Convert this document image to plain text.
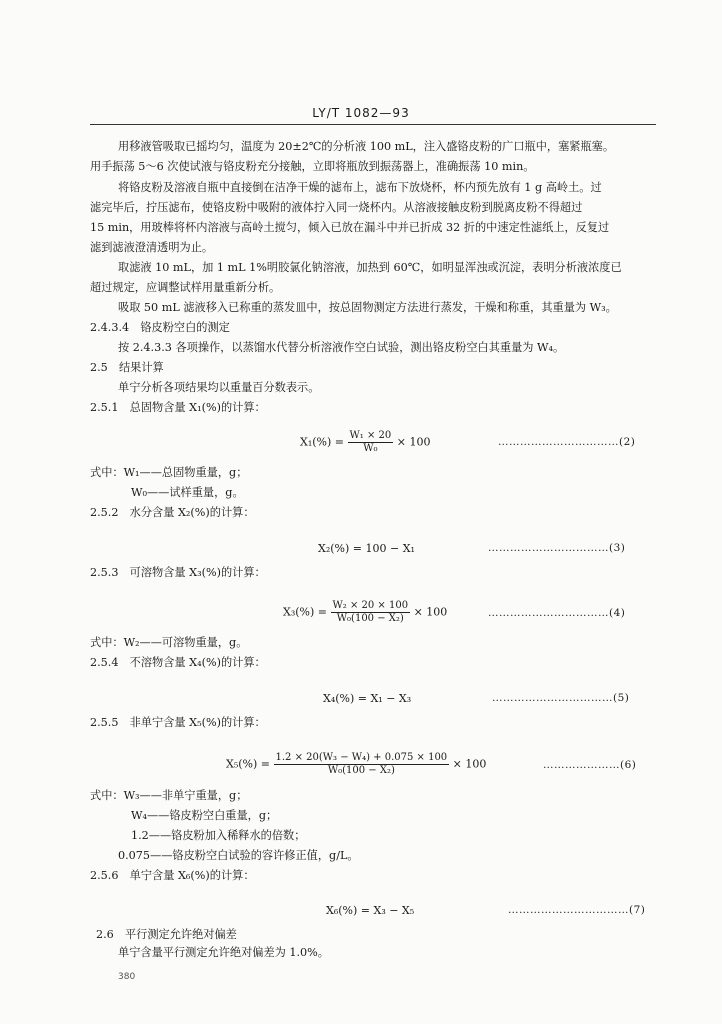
LY/T 1082—93
用移液管吸取已摇均匀，温度为 20±2℃的分析液 100 mL，注入盛铬皮粉的广口瓶中，塞紧瓶塞。
用手振荡 5～6 次使试液与铬皮粉充分接触，立即将瓶放到振荡器上，准确振荡 10 min。
将铬皮粉及溶液自瓶中直接倒在洁净干燥的滤布上，滤布下放烧杯，杯内预先放有 1 g 高岭土。过
滤完毕后，拧压滤布，使铬皮粉中吸附的液体拧入同一烧杯内。从溶液接触皮粉到脱离皮粉不得超过
15 min，用玻棒将杯内溶液与高岭土搅匀，倾入已放在漏斗中并已折成 32 折的中速定性滤纸上，反复过
滤到滤液澄清透明为止。
取滤液 10 mL，加 1 mL 1%明胶氯化钠溶液，加热到 60℃，如明显浑浊或沉淀，表明分析液浓度已
超过规定，应调整试样用量重新分析。
吸取 50 mL 滤液移入已称重的蒸发皿中，按总固物测定方法进行蒸发，干燥和称重，其重量为 W₃。
2.4.3.4　铬皮粉空白的测定
按 2.4.3.3 各项操作，以蒸馏水代替分析溶液作空白试验，测出铬皮粉空白其重量为 W₄。
2.5　结果计算
单宁分析各项结果均以重量百分数表示。
2.5.1　总固物含量 X₁(%)的计算：
$X_1(\%) = \frac{\text{W₁ × 20}}{\text{W₀}} \times 100$	……………………………(2)
式中：W₁——总固物重量，g；
W₀——试样重量，g。
2.5.2　水分含量 X₂(%)的计算：
X₂(%) = 100 − X₁	……………………………(3)
2.5.3　可溶物含量 X₃(%)的计算：
$X_3(\%) = \frac{\text{W₂ × 20 × 100}}{\text{W₀(100 − X₂)}} \times 100$	……………………………(4)
式中：W₂——可溶物重量，g。
2.5.4　不溶物含量 X₄(%)的计算：
X₄(%) = X₁ − X₃	……………………………(5)
2.5.5　非单宁含量 X₅(%)的计算：
$X_5(\%) = \frac{\text{1.2 × 20(W₃ − W₄) + 0.075 × 100}}{\text{W₀(100 − X₂)}} \times 100$	…………………(6)
式中：W₃——非单宁重量，g；
W₄——铬皮粉空白重量，g；
1.2——铬皮粉加入稀释水的倍数；
0.075——铬皮粉空白试验的容许修正值，g/L。
2.5.6　单宁含量 X₆(%)的计算：
X₆(%) = X₃ − X₅	……………………………(7)
2.6　平行测定允许绝对偏差
单宁含量平行测定允许绝对偏差为 1.0%。
380
